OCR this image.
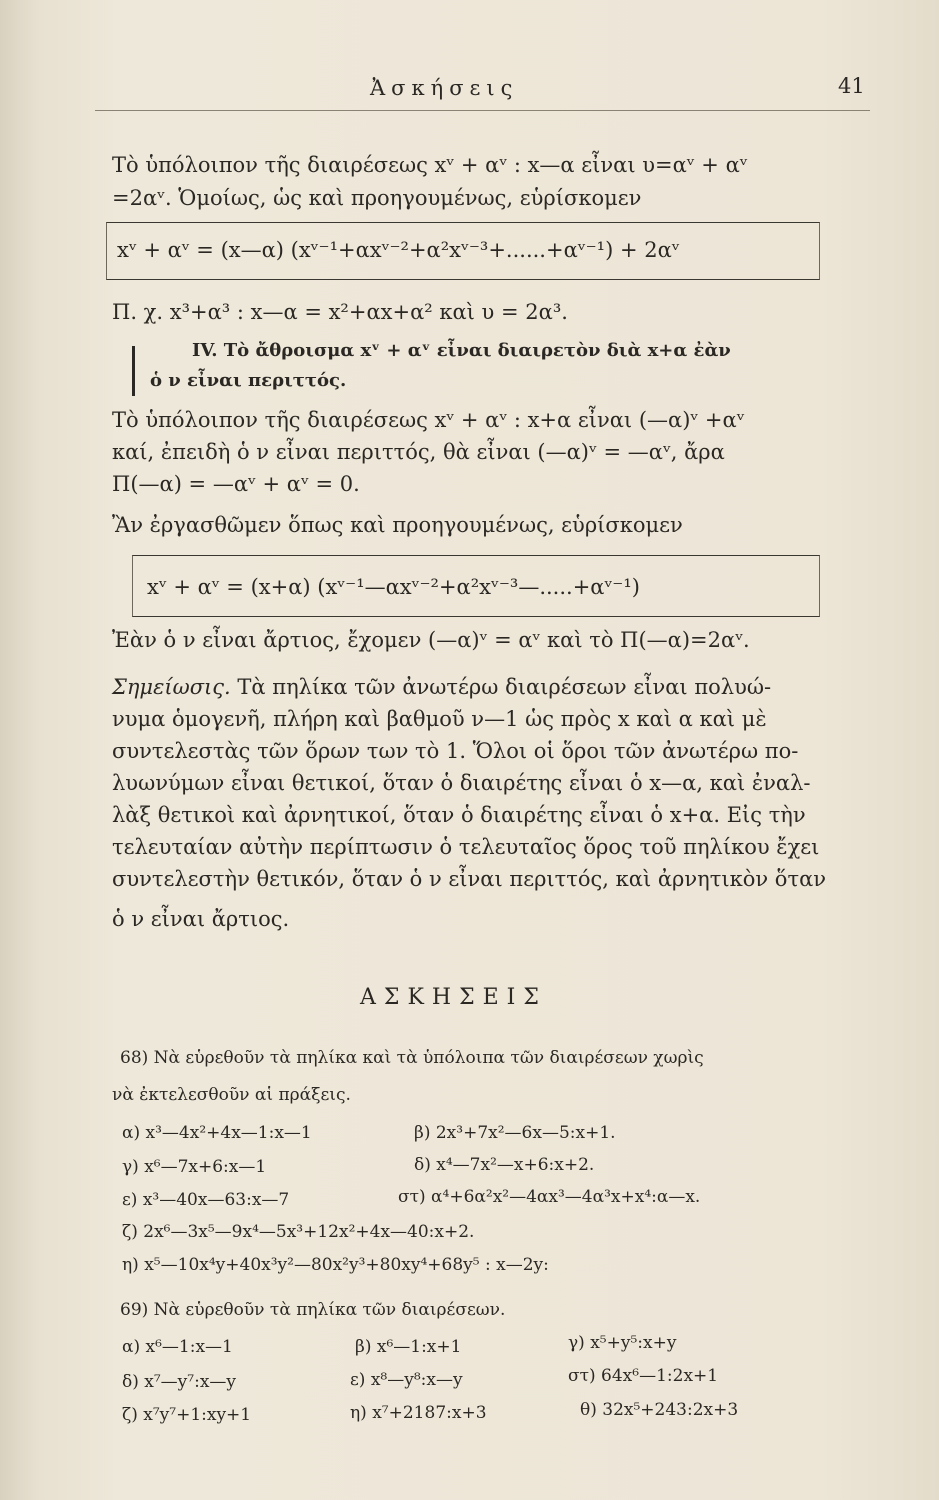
Ἀσκήσεις	41
Τὸ ὑπόλοιπον τῆς διαιρέσεως xᵛ + αᵛ : x—α εἶναι υ=αᵛ + αᵛ
=2αᵛ. Ὁμοίως, ὡς καὶ προηγουμένως, εὑρίσκομεν
xᵛ + αᵛ = (x—α) (xᵛ⁻¹+αxᵛ⁻²+α²xᵛ⁻³+......+αᵛ⁻¹) + 2αᵛ
Π. χ. x³+α³ : x—α = x²+αx+α² καὶ υ = 2α³.
IV. Τὸ ἄθροισμα xᵛ + αᵛ εἶναι διαιρετὸν διὰ x+α ἐὰν
ὁ ν εἶναι περιττός.
Τὸ ὑπόλοιπον τῆς διαιρέσεως xᵛ + αᵛ : x+α εἶναι (—α)ᵛ +αᵛ
καί, ἐπειδὴ ὁ ν εἶναι περιττός, θὰ εἶναι (—α)ᵛ = —αᵛ, ἄρα
Π(—α) = —αᵛ + αᵛ = 0.
Ἂν ἐργασθῶμεν ὅπως καὶ προηγουμένως, εὑρίσκομεν
xᵛ + αᵛ = (x+α) (xᵛ⁻¹—αxᵛ⁻²+α²xᵛ⁻³—.....+αᵛ⁻¹)
Ἐὰν ὁ ν εἶναι ἄρτιος, ἔχομεν (—α)ᵛ = αᵛ καὶ τὸ Π(—α)=2αᵛ.
Σημείωσις. Τὰ πηλίκα τῶν ἀνωτέρω διαιρέσεων εἶναι πολυώ-
νυμα ὁμογενῆ, πλήρη καὶ βαθμοῦ ν—1 ὡς πρὸς x καὶ α καὶ μὲ
συντελεστὰς τῶν ὅρων των τὸ 1. Ὅλοι οἱ ὅροι τῶν ἀνωτέρω πο-
λυωνύμων εἶναι θετικοί, ὅταν ὁ διαιρέτης εἶναι ὁ x—α, καὶ ἐναλ-
λὰξ θετικοὶ καὶ ἀρνητικοί, ὅταν ὁ διαιρέτης εἶναι ὁ x+α. Εἰς τὴν
τελευταίαν αὐτὴν περίπτωσιν ὁ τελευταῖος ὅρος τοῦ πηλίκου ἔχει
συντελεστὴν θετικόν, ὅταν ὁ ν εἶναι περιττός, καὶ ἀρνητικὸν ὅταν
ὁ ν εἶναι ἄρτιος.
ΑΣΚΗΣΕΙΣ
68) Νὰ εὑρεθοῦν τὰ πηλίκα καὶ τὰ ὑπόλοιπα τῶν διαιρέσεων χωρὶς
νὰ ἐκτελεσθοῦν αἱ πράξεις.
α) x³—4x²+4x—1:x—1	β) 2x³+7x²—6x—5:x+1.
γ) x⁶—7x+6:x—1	δ) x⁴—7x²—x+6:x+2.
ε) x³—40x—63:x—7	στ) α⁴+6α²x²—4αx³—4α³x+x⁴:α—x.
ζ) 2x⁶—3x⁵—9x⁴—5x³+12x²+4x—40:x+2.
η) x⁵—10x⁴y+40x³y²—80x²y³+80xy⁴+68y⁵ : x—2y:
69) Νὰ εὑρεθοῦν τὰ πηλίκα τῶν διαιρέσεων.
α) x⁶—1:x—1	β) x⁶—1:x+1	γ) x⁵+y⁵:x+y
δ) x⁷—y⁷:x—y	ε) x⁸—y⁸:x—y	στ) 64x⁶—1:2x+1
ζ) x⁷y⁷+1:xy+1	η) x⁷+2187:x+3	θ) 32x⁵+243:2x+3
